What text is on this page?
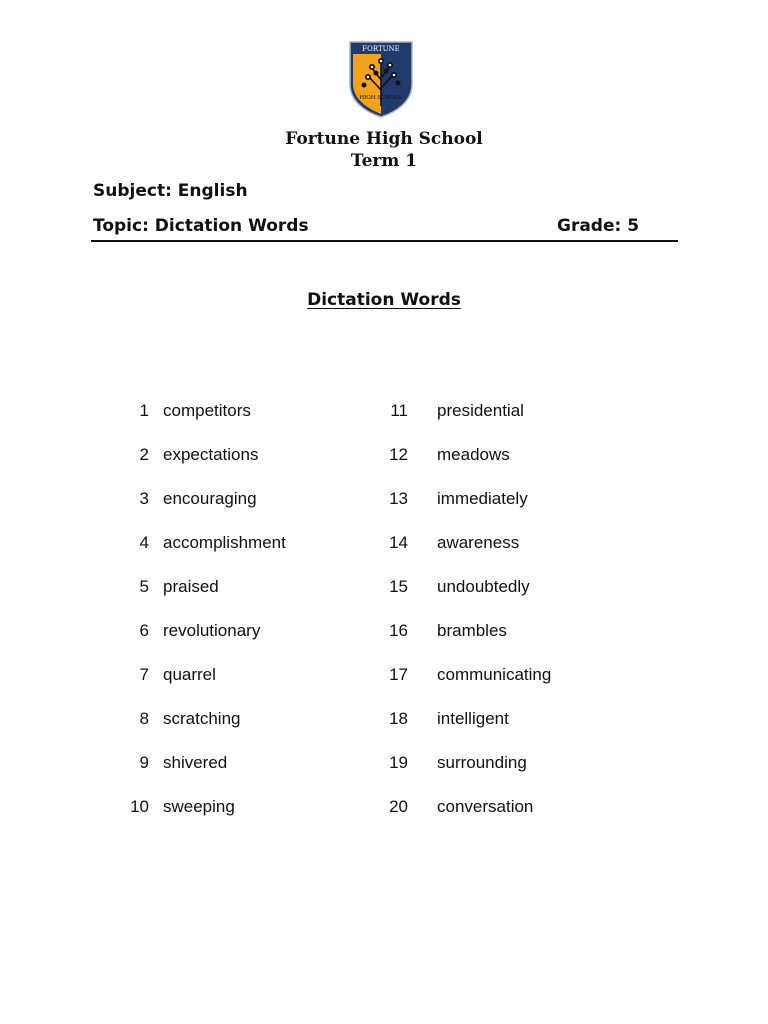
FORTUNE
HIGH SCHOOL
Fortune High School
Term 1
Subject: English
Topic: Dictation Words	Grade: 5
Dictation Words
1 competitors
2 expectations
3 encouraging
4 accomplishment
5 praised
6 revolutionary
7 quarrel
8 scratching
9 shivered
10 sweeping
11 presidential
12 meadows
13 immediately
14 awareness
15 undoubtedly
16 brambles
17 communicating
18 intelligent
19 surrounding
20 conversation
